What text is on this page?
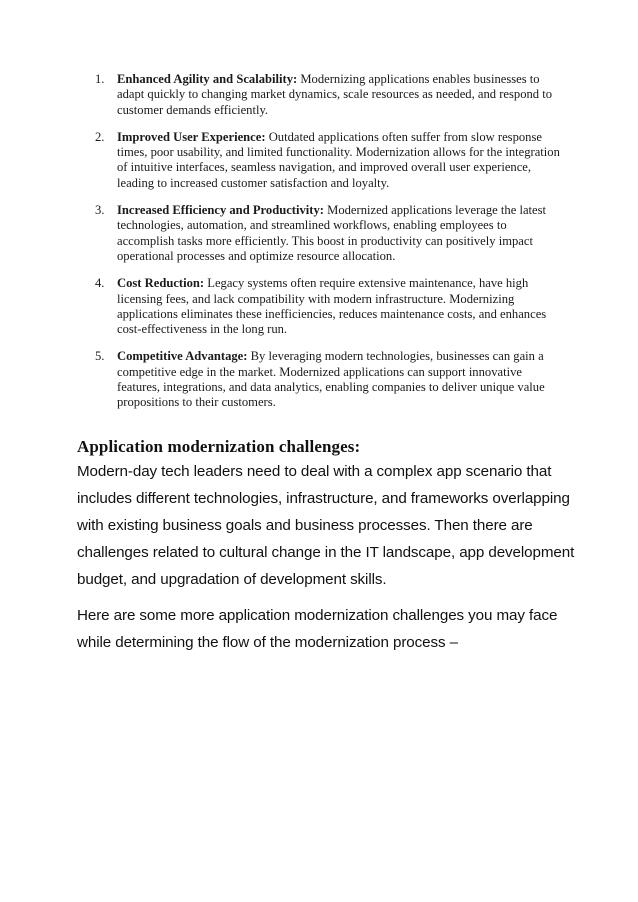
1. Enhanced Agility and Scalability: Modernizing applications enables businesses to adapt quickly to changing market dynamics, scale resources as needed, and respond to customer demands efficiently.
2. Improved User Experience: Outdated applications often suffer from slow response times, poor usability, and limited functionality. Modernization allows for the integration of intuitive interfaces, seamless navigation, and improved overall user experience, leading to increased customer satisfaction and loyalty.
3. Increased Efficiency and Productivity: Modernized applications leverage the latest technologies, automation, and streamlined workflows, enabling employees to accomplish tasks more efficiently. This boost in productivity can positively impact operational processes and optimize resource allocation.
4. Cost Reduction: Legacy systems often require extensive maintenance, have high licensing fees, and lack compatibility with modern infrastructure. Modernizing applications eliminates these inefficiencies, reduces maintenance costs, and enhances cost-effectiveness in the long run.
5. Competitive Advantage: By leveraging modern technologies, businesses can gain a competitive edge in the market. Modernized applications can support innovative features, integrations, and data analytics, enabling companies to deliver unique value propositions to their customers.
Application modernization challenges:

Modern-day tech leaders need to deal with a complex app scenario that includes different technologies, infrastructure, and frameworks overlapping with existing business goals and business processes. Then there are challenges related to cultural change in the IT landscape, app development budget, and upgradation of development skills.

Here are some more application modernization challenges you may face while determining the flow of the modernization process –
